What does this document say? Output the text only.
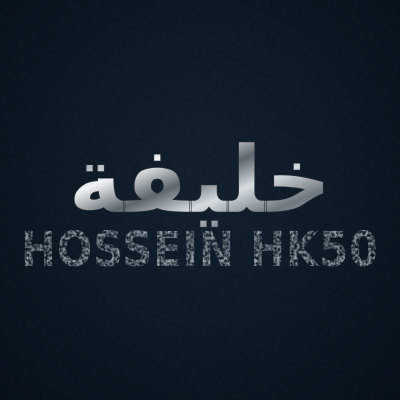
خليفة
HOSSEIN HK50
